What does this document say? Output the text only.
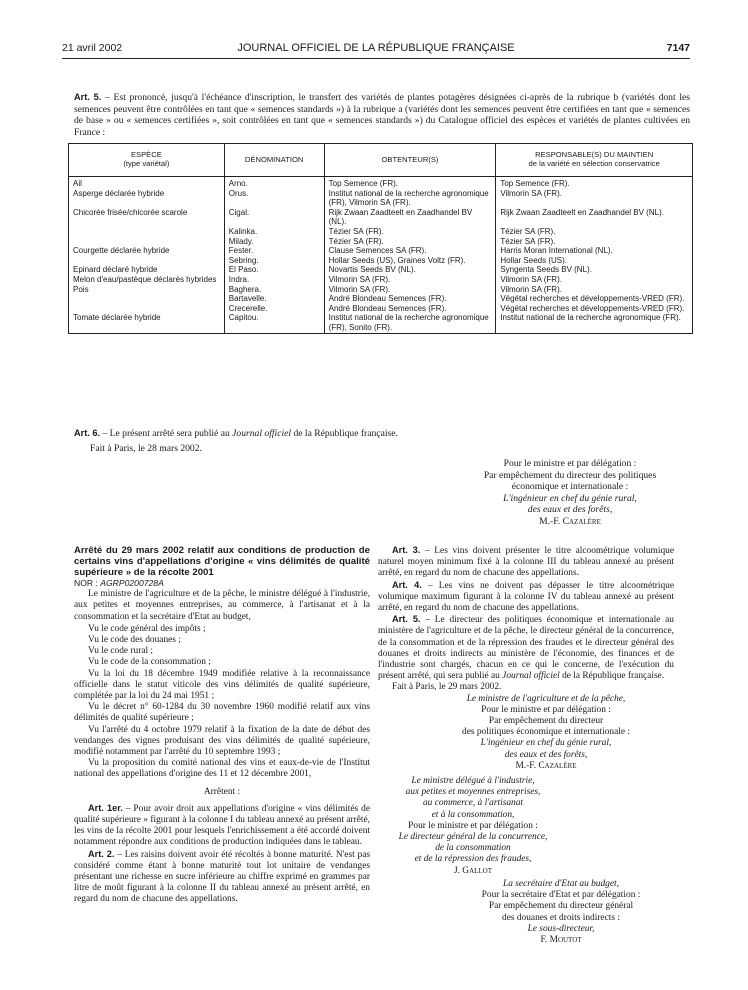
21 avril 2002	JOURNAL OFFICIEL DE LA RÉPUBLIQUE FRANÇAISE	7147
Art. 5. – Est prononcé, jusqu'à l'échéance d'inscription, le transfert des variétés de plantes potagères désignées ci-après de la rubrique b (variétés dont les semences peuvent être contrôlées en tant que « semences standards ») à la rubrique a (variétés dont les semences peuvent être certifiées en tant que « semences de base » ou « semences certifiées », soit contrôlées en tant que « semences standards ») du Catalogue officiel des espèces et variétés de plantes cultivées en France :
ESPÈCE
(type variétal)	DÉNOMINATION	OBTENTEUR(S)	RESPONSABLE(S) DU MAINTIEN
de la variété en sélection conservatrice

Ail	Arno.	Top Semence (FR).	Top Semence (FR).
Asperge déclarée hybride	Orus.	Institut national de la recherche agronomique (FR), Vilmorin SA (FR).	Vilmorin SA (FR).
Chicorée frisée/chicorée scarole	Cigal.	Rijk Zwaan Zaadteelt en Zaadhandel BV (NL).	Rijk Zwaan Zaadteelt en Zaadhandel BV (NL).
	Kalinka.	Tézier SA (FR).	Tézier SA (FR).
	Milady.	Tézier SA (FR).	Tézier SA (FR).
Courgette déclarée hybride	Fester.	Clause Semences SA (FR).	Harris Moran International (NL).
	Sebring.	Hollar Seeds (US), Graines Voltz (FR).	Hollar Seeds (US).
Epinard déclaré hybride	El Paso.	Novartis Seeds BV (NL).	Syngenta Seeds BV (NL).
Melon d'eau/pastèque déclarés hybrides	Indra.	Vilmorin SA (FR).	Vilmorin SA (FR).
Pois	Baghera.	Vilmorin SA (FR).	Vilmorin SA (FR).
	Bartavelle.	André Blondeau Semences (FR).	Végétal recherches et développements-VRED (FR).
	Crecerelle.	André Blondeau Semences (FR).	Végétal recherches et développements-VRED (FR).
Tomate déclarée hybride	Capitou.	Institut national de la recherche agronomique (FR), Sonito (FR).	Institut national de la recherche agronomique (FR).
Art. 6. – Le présent arrêté sera publié au Journal officiel de la République française.
Fait à Paris, le 28 mars 2002.
Pour le ministre et par délégation :
Par empêchement du directeur des politiques
économique et internationale :
L'ingénieur en chef du génie rural,
des eaux et des forêts,
M.-F. Cazalère

Arrêté du 29 mars 2002 relatif aux conditions de production de certains vins d'appellations d'origine « vins délimités de qualité supérieure » de la récolte 2001

NOR : AGRP0200728A

Le ministre de l'agriculture et de la pêche, le ministre délégué à l'industrie, aux petites et moyennes entreprises, au commerce, à l'artisanat et à la consommation et la secrétaire d'Etat au budget,

Vu le code général des impôts ;

Vu le code des douanes ;

Vu le code rural ;

Vu le code de la consommation ;

Vu la loi du 18 décembre 1949 modifiée relative à la reconnaissance officielle dans le statut viticole des vins délimités de qualité supérieure, complétée par la loi du 24 mai 1951 ;

Vu le décret n° 60-1284 du 30 novembre 1960 modifié relatif aux vins délimités de qualité supérieure ;

Vu l'arrêté du 4 octobre 1979 relatif à la fixation de la date de début des vendanges des vignes produisant des vins délimités de qualité supérieure, modifié notamment par l'arrêté du 10 septembre 1993 ;

Vu la proposition du comité national des vins et eaux-de-vie de l'Institut national des appellations d'origine des 11 et 12 décembre 2001,

Arrêtent :

Art. 1er. – Pour avoir droit aux appellations d'origine « vins délimités de qualité supérieure » figurant à la colonne I du tableau annexé au présent arrêté, les vins de la récolte 2001 pour lesquels l'enrichissement a été accordé doivent notamment répondre aux conditions de production indiquées dans le tableau.

Art. 2. – Les raisins doivent avoir été récoltés à bonne maturité. N'est pas considéré comme étant à bonne maturité tout lot unitaire de vendanges présentant une richesse en sucre inférieure au chiffre exprimé en grammes par litre de moût figurant à la colonne II du tableau annexé au présent arrêté, en regard du nom de chacune des appellations.

Art. 3. – Les vins doivent présenter le titre alcoométrique volumique naturel moyen minimum fixé à la colonne III du tableau annexé au présent arrêté, en regard du nom de chacune des appellations.

Art. 4. – Les vins ne doivent pas dépasser le titre alcoométrique volumique maximum figurant à la colonne IV du tableau annexé au présent arrêté, en regard du nom de chacune des appellations.

Art. 5. – Le directeur des politiques économique et internationale au ministère de l'agriculture et de la pêche, le directeur général de la concurrence, de la consommation et de la répression des fraudes et le directeur général des douanes et droits indirects au ministère de l'économie, des finances et de l'industrie sont chargés, chacun en ce qui le concerne, de l'exécution du présent arrêté, qui sera publié au Journal officiel de la République française.

Fait à Paris, le 29 mars 2002.

Le ministre de l'agriculture et de la pêche,
Pour le ministre et par délégation :
Par empêchement du directeur
des politiques économique et internationale :
L'ingénieur en chef du génie rural,
des eaux et des forêts,
M.-F. Cazalère
Le ministre délégué à l'industrie,
aux petites et moyennes entreprises,
au commerce, à l'artisanat
et à la consommation,
Pour le ministre et par délégation :
Le directeur général de la concurrence,
de la consommation
et de la répression des fraudes,
J. Gallot
La secrétaire d'Etat au budget,
Pour la secrétaire d'Etat et par délégation :
Par empêchement du directeur général
des douanes et droits indirects :
Le sous-directeur,
F. Moutot
